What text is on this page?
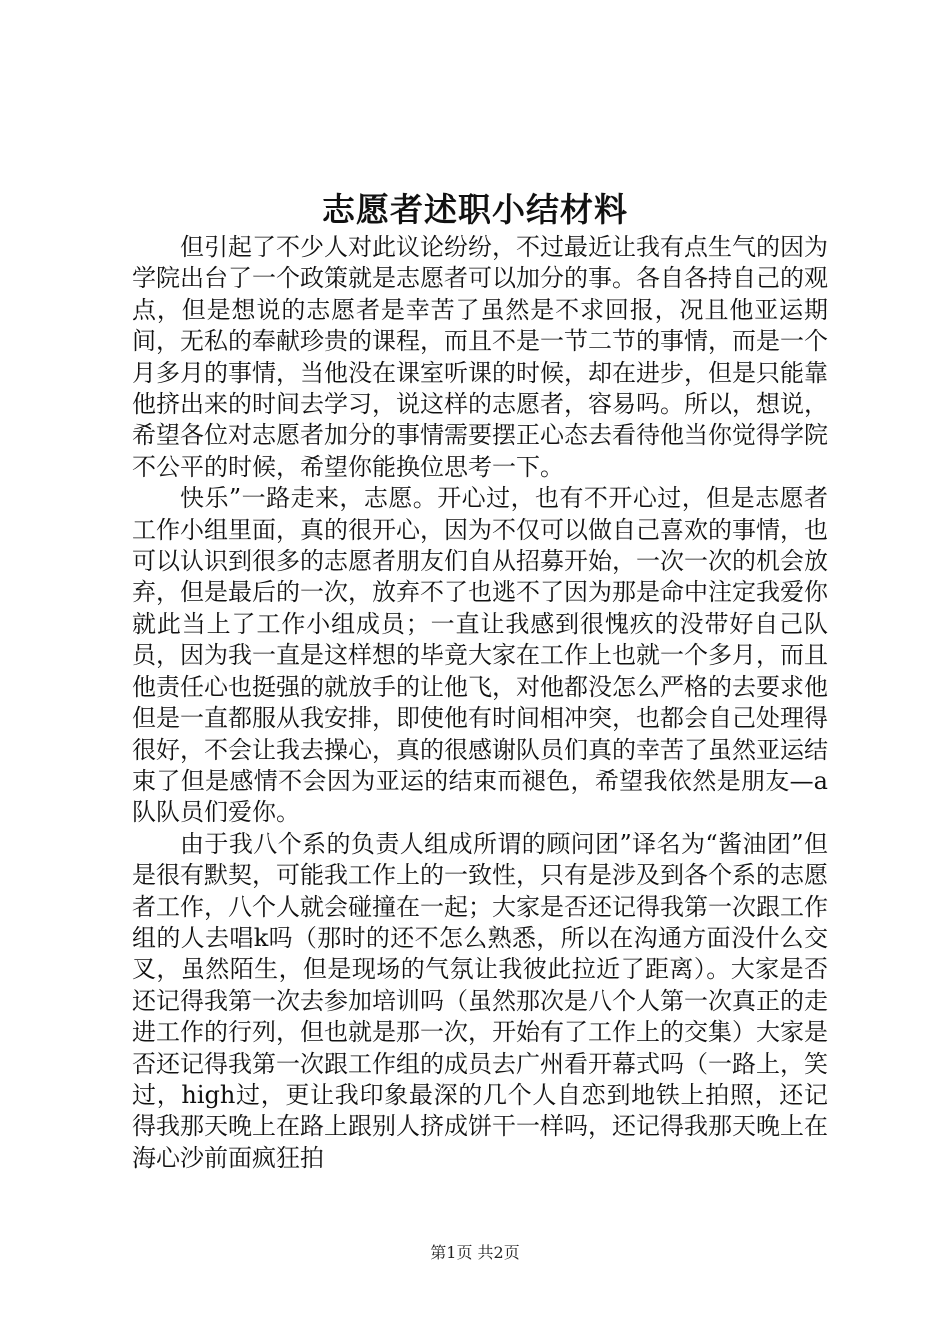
志愿者述职小结材料

但引起了不少人对此议论纷纷，不过最近让我有点生气的因为学院出台了一个政策就是志愿者可以加分的事。各自各持自己的观点，但是想说的志愿者是幸苦了虽然是不求回报，况且他亚运期间，无私的奉献珍贵的课程，而且不是一节二节的事情，而是一个月多月的事情，当他没在课室听课的时候，却在进步，但是只能靠他挤出来的时间去学习，说这样的志愿者，容易吗。所以，想说，希望各位对志愿者加分的事情需要摆正心态去看待他当你觉得学院不公平的时候，希望你能换位思考一下。

快乐”一路走来，志愿。开心过，也有不开心过，但是志愿者工作小组里面，真的很开心，因为不仅可以做自己喜欢的事情，也可以认识到很多的志愿者朋友们自从招募开始，一次一次的机会放弃，但是最后的一次，放弃不了也逃不了因为那是命中注定我爱你就此当上了工作小组成员；一直让我感到很愧疚的没带好自己队员，因为我一直是这样想的毕竟大家在工作上也就一个多月，而且他责任心也挺强的就放手的让他飞，对他都没怎么严格的去要求他但是一直都服从我安排，即使他有时间相冲突，也都会自己处理得很好，不会让我去操心，真的很感谢队员们真的幸苦了虽然亚运结束了但是感情不会因为亚运的结束而褪色，希望我依然是朋友—a队队员们爱你。

由于我八个系的负责人组成所谓的顾问团”译名为“酱油团”但是很有默契，可能我工作上的一致性，只有是涉及到各个系的志愿者工作，八个人就会碰撞在一起；大家是否还记得我第一次跟工作组的人去唱k吗（那时的还不怎么熟悉，所以在沟通方面没什么交叉，虽然陌生，但是现场的气氛让我彼此拉近了距离）。大家是否还记得我第一次去参加培训吗（虽然那次是八个人第一次真正的走进工作的行列，但也就是那一次，开始有了工作上的交集）大家是否还记得我第一次跟工作组的成员去广州看开幕式吗（一路上，笑过，high过，更让我印象最深的几个人自恋到地铁上拍照，还记得我那天晚上在路上跟别人挤成饼干一样吗，还记得我那天晚上在海心沙前面疯狂拍

第1页 共2页
